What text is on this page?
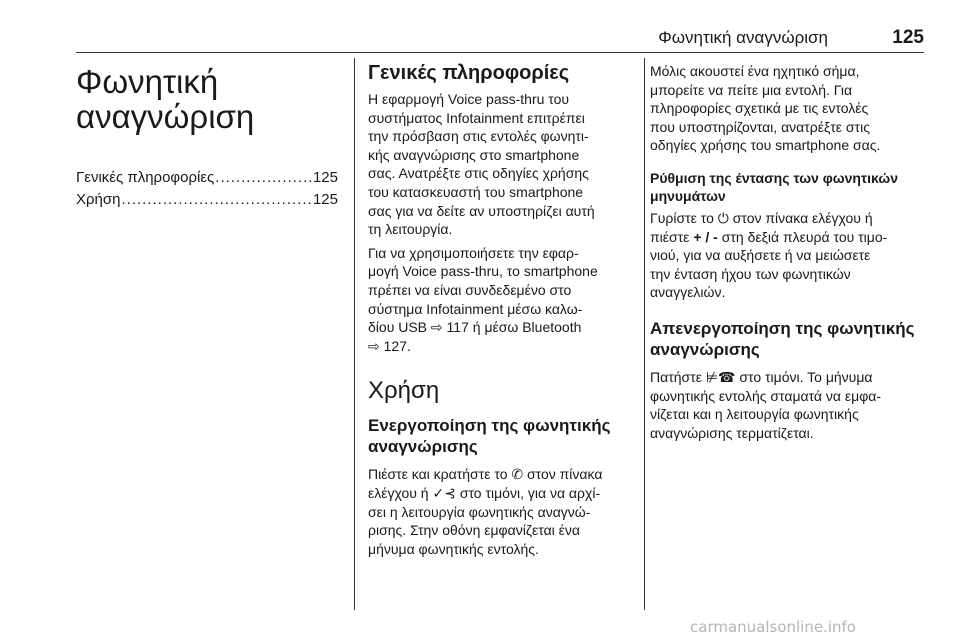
Φωνητική αναγνώριση	125
Φωνητική
αναγνώριση
Γενικές πληροφορίες .....	125
Χρήση .....	125
Γενικές πληροφορίες

Η εφαρμογή Voice pass-thru του
συστήματος Infotainment επιτρέπει
την πρόσβαση στις εντολές φωνητι-
κής αναγνώρισης στο smartphone
σας. Ανατρέξτε στις οδηγίες χρήσης
του κατασκευαστή του smartphone
σας για να δείτε αν υποστηρίζει αυτή
τη λειτουργία.

Για να χρησιμοποιήσετε την εφαρ-
μογή Voice pass-thru, το smartphone
πρέπει να είναι συνδεδεμένο στο
σύστημα Infotainment μέσω καλω-
δίου USB ⇨ 117 ή μέσω Bluetooth
⇨ 127.

Χρήση
Ενεργοποίηση της φωνητικής
αναγνώρισης

Πιέστε και κρατήστε το ✆ στον πίνακα
ελέγχου ή ✓⊰ στο τιμόνι, για να αρχί-
σει η λειτουργία φωνητικής αναγνώ-
ρισης. Στην οθόνη εμφανίζεται ένα
μήνυμα φωνητικής εντολής.

Μόλις ακουστεί ένα ηχητικό σήμα,
μπορείτε να πείτε μια εντολή. Για
πληροφορίες σχετικά με τις εντολές
που υποστηρίζονται, ανατρέξτε στις
οδηγίες χρήσης του smartphone σας.

Ρύθμιση της έντασης των φωνητικών
μηνυμάτων

Γυρίστε το ⏻ στον πίνακα ελέγχου ή
πιέστε + / - στη δεξιά πλευρά του τιμο-
νιού, για να αυξήσετε ή να μειώσετε
την ένταση ήχου των φωνητικών
αναγγελιών.

Απενεργοποίηση της φωνητικής
αναγνώρισης

Πατήστε ⊭☎ στο τιμόνι. Το μήνυμα
φωνητικής εντολής σταματά να εμφα-
νίζεται και η λειτουργία φωνητικής
αναγνώρισης τερματίζεται.

carmanualsonline.info
